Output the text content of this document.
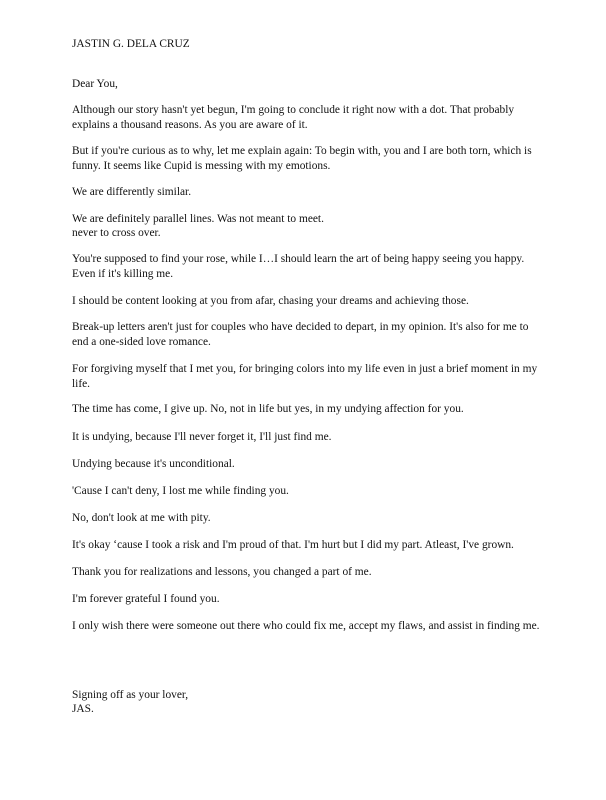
JASTIN G. DELA CRUZ
Dear You,
Although our story hasn't yet begun, I'm going to conclude it right now with a dot. That probably explains a thousand reasons. As you are aware of it.
But if you're curious as to why, let me explain again: To begin with, you and I are both torn, which is funny. It seems like Cupid is messing with my emotions.
We are differently similar.
We are definitely parallel lines. Was not meant to meet.
never to cross over.
You're supposed to find your rose, while I…I should learn the art of being happy seeing you happy. Even if it's killing me.
I should be content looking at you from afar, chasing your dreams and achieving those.
Break-up letters aren't just for couples who have decided to depart, in my opinion. It's also for me to end a one-sided love romance.
For forgiving myself that I met you, for bringing colors into my life even in just a brief moment in my life.
The time has come, I give up. No, not in life but yes, in my undying affection for you.
It is undying, because I'll never forget it, I'll just find me.
Undying because it's unconditional.
'Cause I can't deny, I lost me while finding you.
No, don't look at me with pity.
It's okay ‘cause I took a risk and I'm proud of that. I'm hurt but I did my part. Atleast, I've grown.
Thank you for realizations and lessons, you changed a part of me.
I'm forever grateful I found you.
I only wish there were someone out there who could fix me, accept my flaws, and assist in finding me.
Signing off as your lover,
JAS.
